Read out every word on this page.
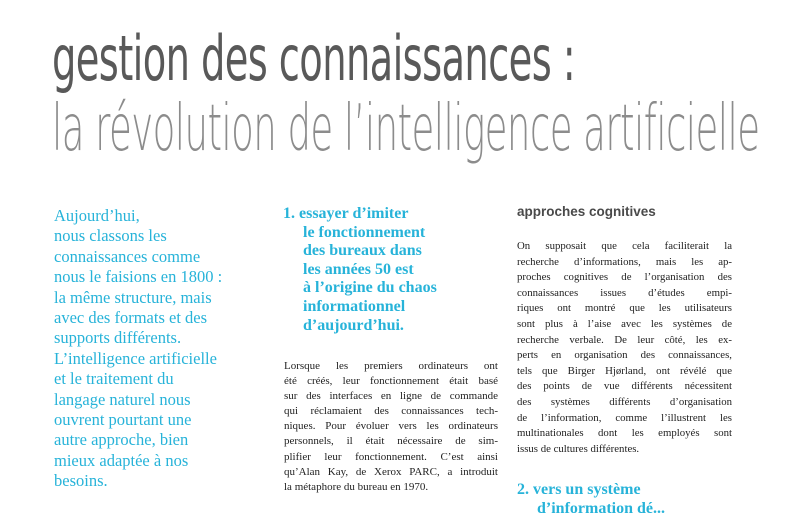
gestion des connaissances :
la révolution de l’intelligence artificielle
Aujourd’hui,
nous classons les
connaissances comme
nous le faisions en 1800 :
la même structure, mais
avec des formats et des
supports différents.
L’intelligence artificielle
et le traitement du
langage naturel nous
ouvrent pourtant une
autre approche, bien
mieux adaptée à nos
besoins.
1. essayer d’imiter
le fonctionnement
des bureaux dans
les années 50 est
à l’origine du chaos
informationnel
d’aujourd’hui.
Lorsque les premiers ordinateurs ont
été créés, leur fonctionnement était basé
sur des interfaces en ligne de commande
qui réclamaient des connaissances tech-
niques. Pour évoluer vers les ordinateurs
personnels, il était nécessaire de sim-
plifier leur fonctionnement. C’est ainsi
qu’Alan Kay, de Xerox PARC, a introduit
la métaphore du bureau en 1970.
approches cognitives
On supposait que cela faciliterait la
recherche d’informations, mais les ap-
proches cognitives de l’organisation des
connaissances issues d’études empi-
riques ont montré que les utilisateurs
sont plus à l’aise avec les systèmes de
recherche verbale. De leur côté, les ex-
perts en organisation des connaissances,
tels que Birger Hjørland, ont révélé que
des points de vue différents nécessitent
des systèmes différents d’organisation
de l’information, comme l’illustrent les
multinationales dont les employés sont
issus de cultures différentes.
2. vers un système
d’information dé...
